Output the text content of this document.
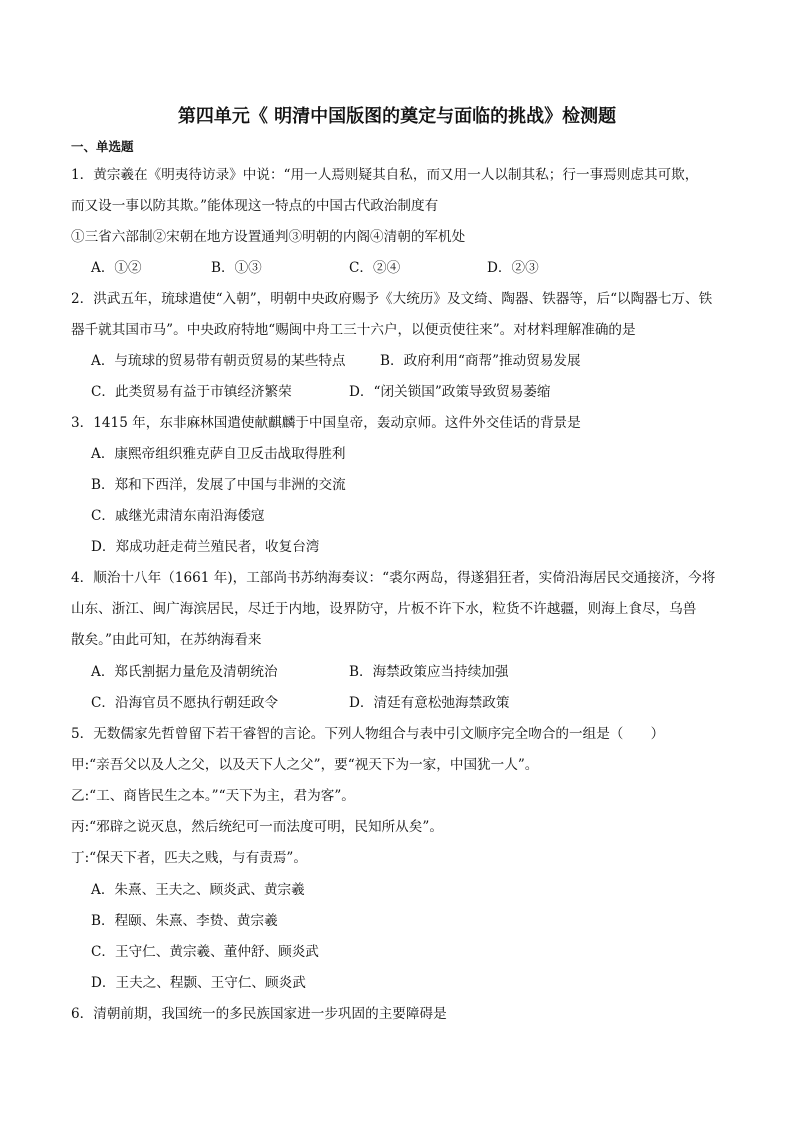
第四单元《 明清中国版图的奠定与面临的挑战》检测题
一、单选题
1．黄宗羲在《明夷待访录》中说：“用一人焉则疑其自私，而又用一人以制其私；行一事焉则虑其可欺，
而又设一事以防其欺。”能体现这一特点的中国古代政治制度有
①三省六部制②宋朝在地方设置通判③明朝的内阁④清朝的军机处
A．①②	B．①③	C．②④	D．②③
2．洪武五年，琉球遣使“入朝”，明朝中央政府赐予《大统历》及文绮、陶器、铁器等，后“以陶器七万、铁
器千就其国市马”。中央政府特地“赐闽中舟工三十六户，以便贡使往来”。对材料理解准确的是
A．与琉球的贸易带有朝贡贸易的某些特点	B．政府利用“商帮”推动贸易发展
C．此类贸易有益于市镇经济繁荣	D．“闭关锁国”政策导致贸易萎缩
3．1415 年，东非麻林国遣使献麒麟于中国皇帝，轰动京师。这件外交佳话的背景是
A．康熙帝组织雅克萨自卫反击战取得胜利
B．郑和下西洋，发展了中国与非洲的交流
C．戚继光肃清东南沿海倭寇
D．郑成功赶走荷兰殖民者，收复台湾
4．顺治十八年（1661 年)，工部尚书苏纳海奏议：“裘尔两岛，得遂猖狂者，实倚沿海居民交通接济，今将
山东、浙江、闽广海滨居民，尽迁于内地，设界防守，片板不许下水，粒货不许越疆，则海上食尽，乌兽
散矣。”由此可知，在苏纳海看来
A．郑氏割据力量危及清朝统治	B．海禁政策应当持续加强
C．沿海官员不愿执行朝廷政令	D．清廷有意松弛海禁政策
5．无数儒家先哲曾留下若干睿智的言论。下列人物组合与表中引文顺序完全吻合的一组是（　　）
甲:“亲吾父以及人之父，以及天下人之父”，要“视天下为一家，中国犹一人”。
乙:“工、商皆民生之本。”“天下为主，君为客”。
丙:“邪辟之说灭息，然后统纪可一而法度可明，民知所从矣”。
丁:“保天下者，匹夫之贱，与有责焉”。
A．朱熹、王夫之、顾炎武、黄宗羲
B．程颐、朱熹、李贽、黄宗羲
C．王守仁、黄宗羲、董仲舒、顾炎武
D．王夫之、程颢、王守仁、顾炎武
6．清朝前期，我国统一的多民族国家进一步巩固的主要障碍是
